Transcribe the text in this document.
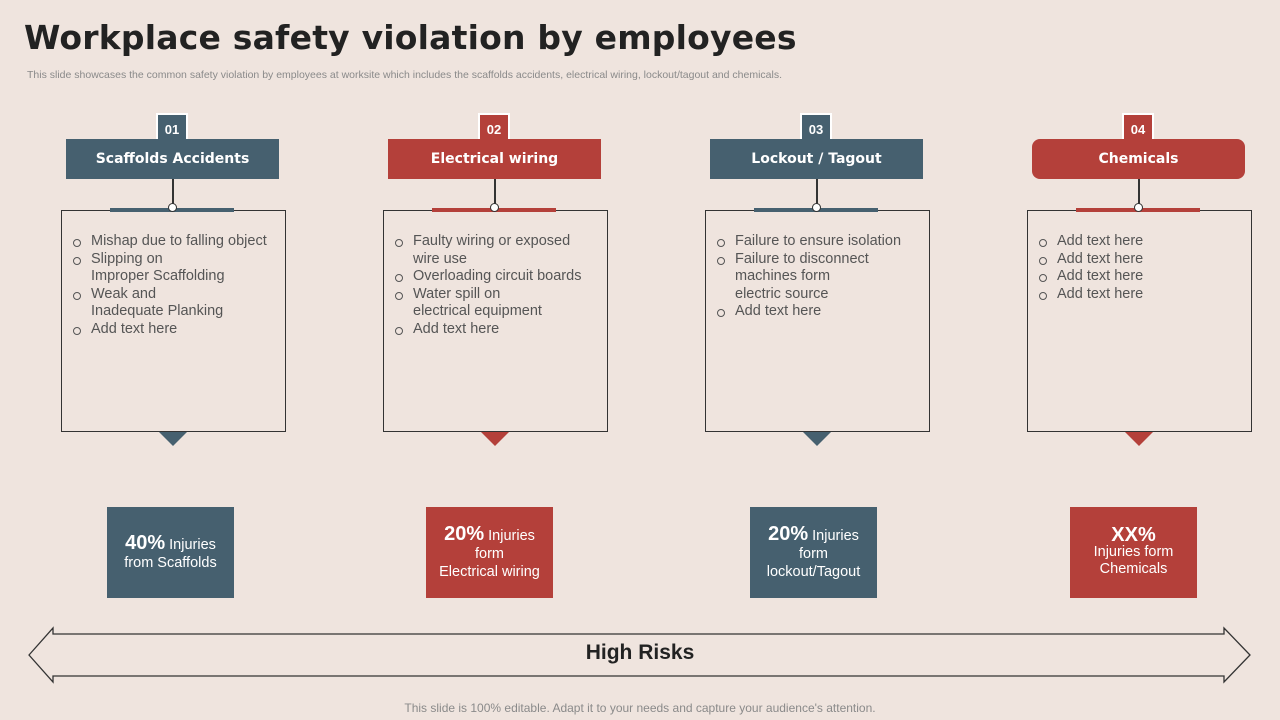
Workplace safety violation by employees

This slide showcases the common safety violation by employees at worksite which includes the scaffolds accidents, electrical wiring, lockout/tagout and chemicals.

01
Scaffolds Accidents
Mishap due to falling object
Slipping on
Improper Scaffolding
Weak and
Inadequate Planking
Add text here
40% Injuries
from Scaffolds
02
Electrical wiring
Faulty wiring or exposed
wire use
Overloading circuit boards
Water spill on
electrical equipment
Add text here
20% Injuries
form
Electrical wiring
03
Lockout / Tagout
Failure to ensure isolation
Failure to disconnect
machines form
electric source
Add text here
20% Injuries
form
lockout/Tagout
04
Chemicals
Add text here
Add text here
Add text here
Add text here
XX%
Injuries form
Chemicals
High Risks
This slide is 100% editable. Adapt it to your needs and capture your audience's attention.
